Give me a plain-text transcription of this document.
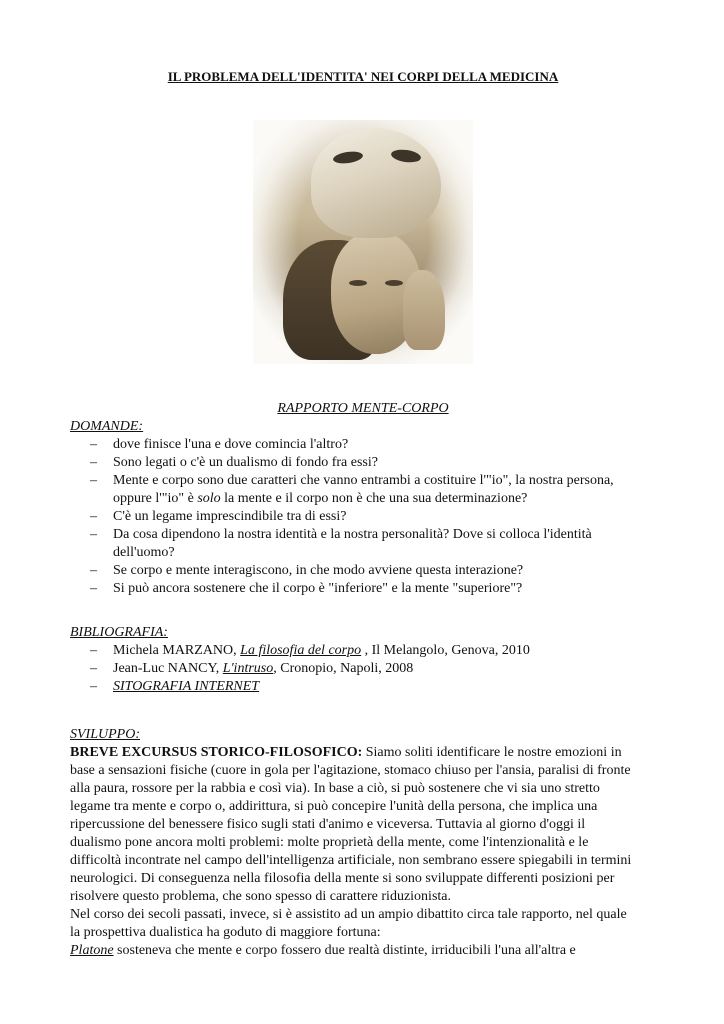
IL PROBLEMA DELL'IDENTITA' NEI CORPI DELLA MEDICINA
RAPPORTO MENTE-CORPO
DOMANDE:
– dove finisce l'una e dove comincia l'altro?
– Sono legati o c'è un dualismo di fondo fra essi?
– Mente e corpo sono due caratteri che vanno entrambi a costituire l'"io", la nostra persona,
oppure l'"io" è solo la mente e il corpo non è che una sua determinazione?
– C'è un legame imprescindibile tra di essi?
– Da cosa dipendono la nostra identità e la nostra personalità? Dove si colloca l'identità
dell'uomo?
– Se corpo e mente interagiscono, in che modo avviene questa interazione?
– Si può ancora sostenere che il corpo è "inferiore" e la mente "superiore"?
BIBLIOGRAFIA:
– Michela MARZANO, La filosofia del corpo , Il Melangolo, Genova, 2010
– Jean-Luc NANCY, L'intruso, Cronopio, Napoli, 2008
– SITOGRAFIA INTERNET
SVILUPPO:

BREVE EXCURSUS STORICO-FILOSOFICO: Siamo soliti identificare le nostre emozioni in

base a sensazioni fisiche (cuore in gola per l'agitazione, stomaco chiuso per l'ansia, paralisi di fronte

alla paura, rossore per la rabbia e così via). In base a ciò, si può sostenere che vi sia uno stretto

legame tra mente e corpo o, addirittura, si può concepire l'unità della persona, che implica una

ripercussione del benessere fisico sugli stati d'animo e viceversa. Tuttavia al giorno d'oggi il

dualismo pone ancora molti problemi: molte proprietà della mente, come l'intenzionalità e le

difficoltà incontrate nel campo dell'intelligenza artificiale, non sembrano essere spiegabili in termini

neurologici. Di conseguenza nella filosofia della mente si sono sviluppate differenti posizioni per

risolvere questo problema, che sono spesso di carattere riduzionista.

Nel corso dei secoli passati, invece, si è assistito ad un ampio dibattito circa tale rapporto, nel quale

la prospettiva dualistica ha goduto di maggiore fortuna:

Platone sosteneva che mente e corpo fossero due realtà distinte, irriducibili l'una all'altra e
